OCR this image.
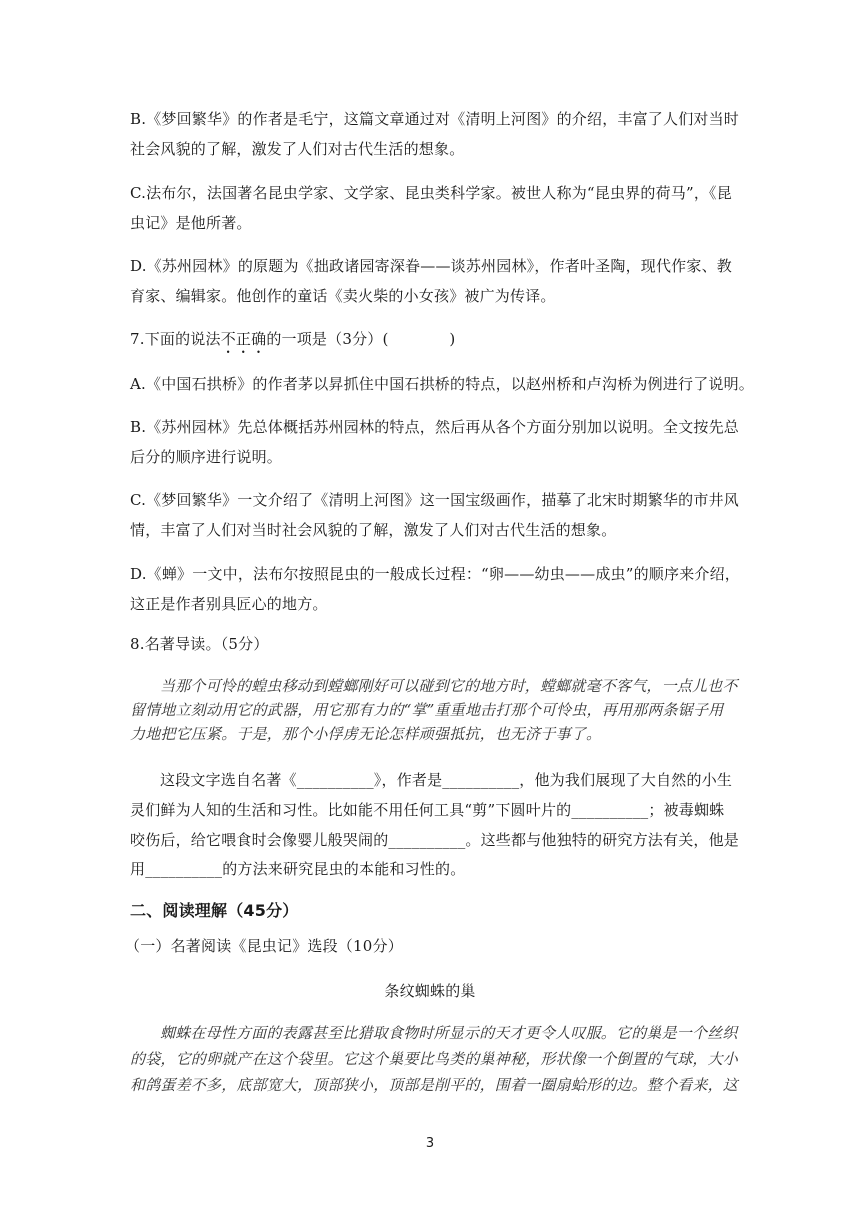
B.《梦回繁华》的作者是毛宁，这篇文章通过对《清明上河图》的介绍，丰富了人们对当时
社会风貌的了解，激发了人们对古代生活的想象。
C.法布尔，法国著名昆虫学家、文学家、昆虫类科学家。被世人称为“昆虫界的荷马”，《昆
虫记》是他所著。
D.《苏州园林》的原题为《拙政诸园寄深眷——谈苏州园林》，作者叶圣陶，现代作家、教
育家、编辑家。他创作的童话《卖火柴的小女孩》被广为传译。
7.下面的说法不正确的一项是（3分）(　　　　)
A.《中国石拱桥》的作者茅以昇抓住中国石拱桥的特点，以赵州桥和卢沟桥为例进行了说明。
B.《苏州园林》先总体概括苏州园林的特点，然后再从各个方面分别加以说明。全文按先总
后分的顺序进行说明。
C.《梦回繁华》一文介绍了《清明上河图》这一国宝级画作，描摹了北宋时期繁华的市井风
情，丰富了人们对当时社会风貌的了解，激发了人们对古代生活的想象。
D.《蝉》一文中，法布尔按照昆虫的一般成长过程：“卵——幼虫——成虫”的顺序来介绍，
这正是作者别具匠心的地方。
8.名著导读。（5分）
当那个可怜的蝗虫移动到螳螂刚好可以碰到它的地方时，螳螂就毫不客气，一点儿也不
留情地立刻动用它的武器，用它那有力的“掌”重重地击打那个可怜虫，再用那两条锯子用
力地把它压紧。于是，那个小俘虏无论怎样顽强抵抗，也无济于事了。
这段文字选自名著《__________》，作者是__________，他为我们展现了大自然的小生
灵们鲜为人知的生活和习性。比如能不用任何工具“剪”下圆叶片的__________；被毒蜘蛛
咬伤后，给它喂食时会像婴儿般哭闹的__________。这些都与他独特的研究方法有关，他是
用__________的方法来研究昆虫的本能和习性的。
二、阅读理解（45分）
（一）名著阅读《昆虫记》选段（10分）
条纹蜘蛛的巢
蜘蛛在母性方面的表露甚至比猎取食物时所显示的天才更令人叹服。它的巢是一个丝织
的袋，它的卵就产在这个袋里。它这个巢要比鸟类的巢神秘，形状像一个倒置的气球，大小
和鸽蛋差不多，底部宽大，顶部狭小，顶部是削平的，围着一圈扇蛤形的边。整个看来，这
3
